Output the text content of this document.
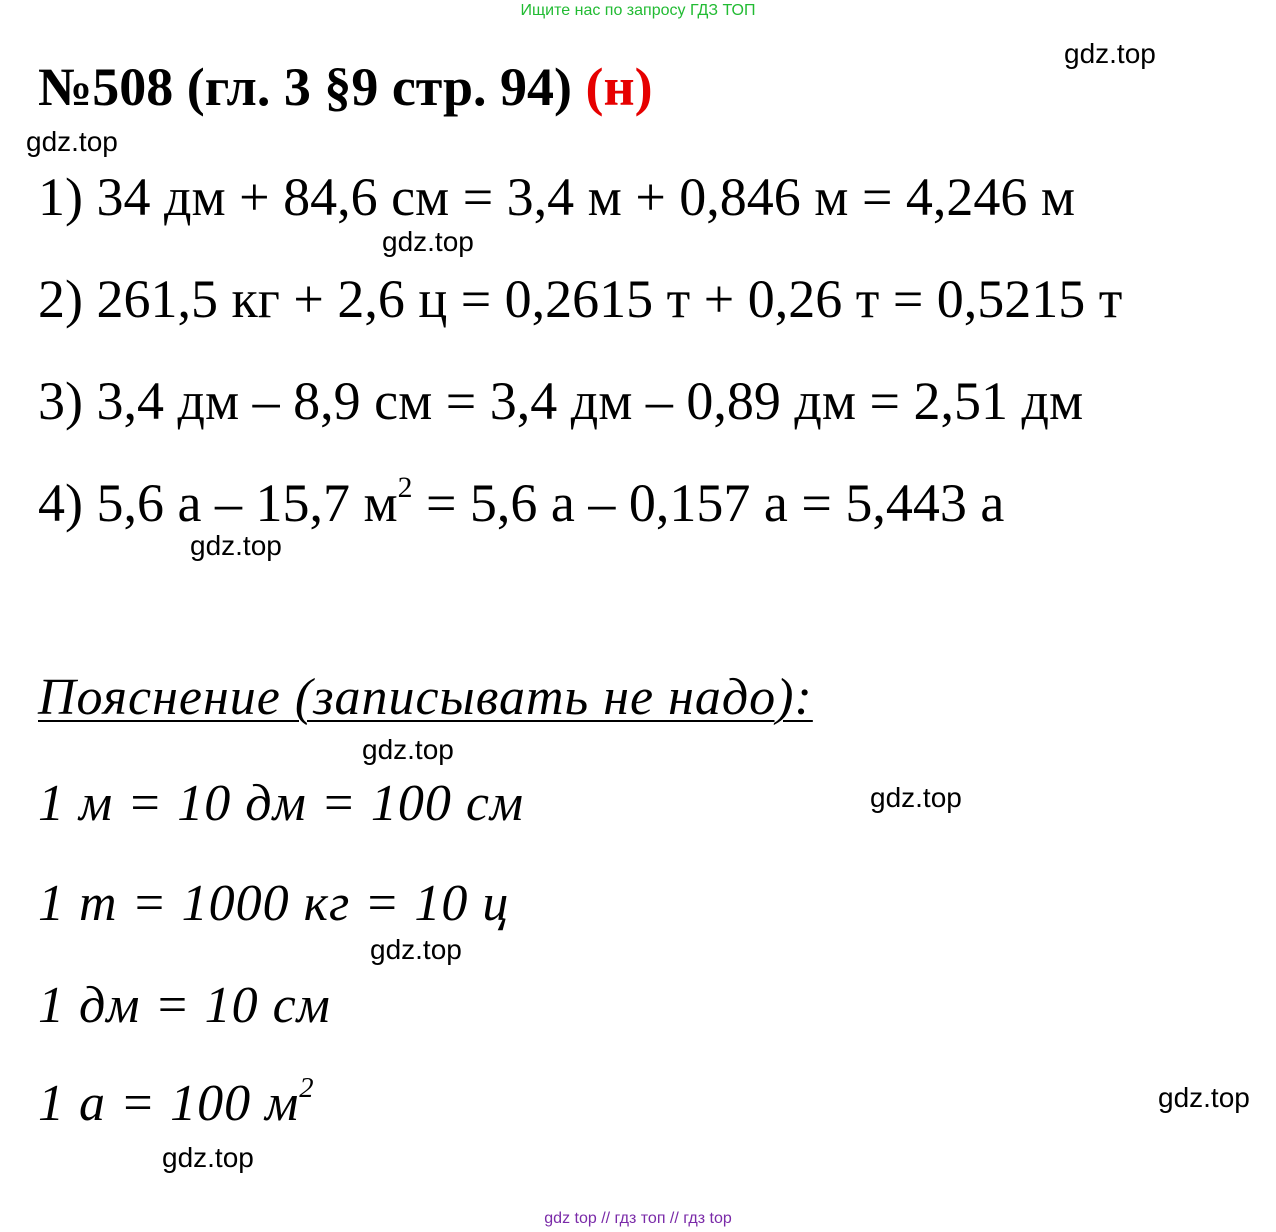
Ищите нас по запросу ГДЗ ТОП
№508 (гл. 3 §9 стр. 94) (н)
1) 34 дм + 84,6 см = 3,4 м + 0,846 м = 4,246 м
2) 261,5 кг + 2,6 ц = 0,2615 т + 0,26 т = 0,5215 т
3) 3,4 дм – 8,9 см = 3,4 дм – 0,89 дм = 2,51 дм
4) 5,6 а – 15,7 $м^2 = 5,6$ а – 0,157 а = 5,443 а
Пояснение (записывать не надо):
1 м = 10 дм = 100 см
1 т = 1000 кг = 10 ц
1 дм = 10 см
1 а = 100 $м^2$
gdz.top
gdz.top
gdz.top
gdz.top
gdz.top
gdz.top
gdz.top
gdz.top
gdz.top
gdz top // гдз топ // гдз top
